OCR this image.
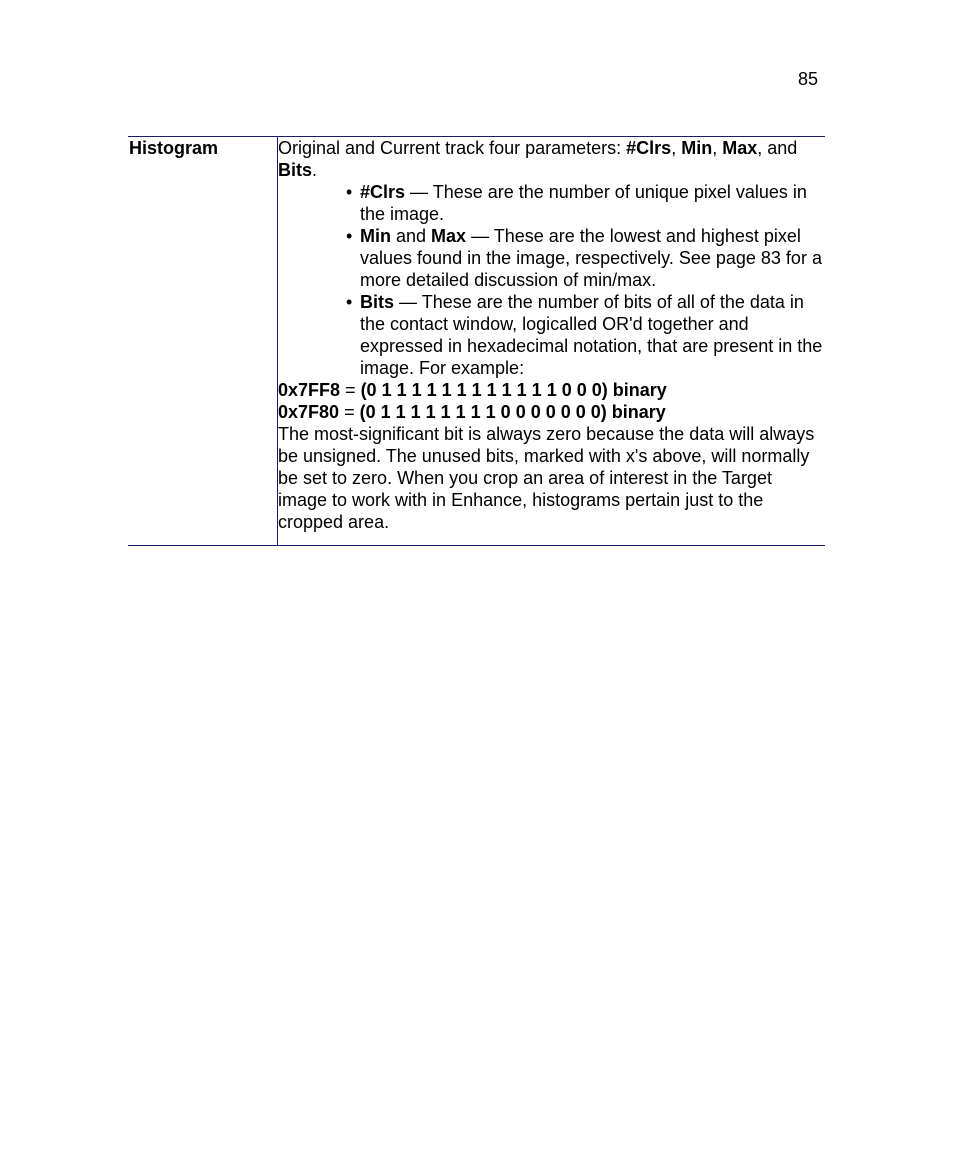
85
Histogram	Original and Current track four parameters: #Clrs, Min, Max, and Bits.

• #Clrs — These are the number of unique pixel values in the image.
• Min and Max — These are the lowest and highest pixel values found in the image, respectively. See page 83 for a more detailed discussion of min/max.
• Bits — These are the number of bits of all of the data in the contact window, logicalled OR'd together and expressed in hexadecimal notation, that are present in the image. For example:

0x7FF8 = (0 1 1 1 1 1 1 1 1 1 1 1 1 0 0 0) binary

0x7F80 = (0 1 1 1 1 1 1 1 1 0 0 0 0 0 0 0) binary

The most-significant bit is always zero because the data will always be unsigned. The unused bits, marked with x's above, will normally be set to zero. When you crop an area of interest in the Target image to work with in Enhance, histograms pertain just to the cropped area.
